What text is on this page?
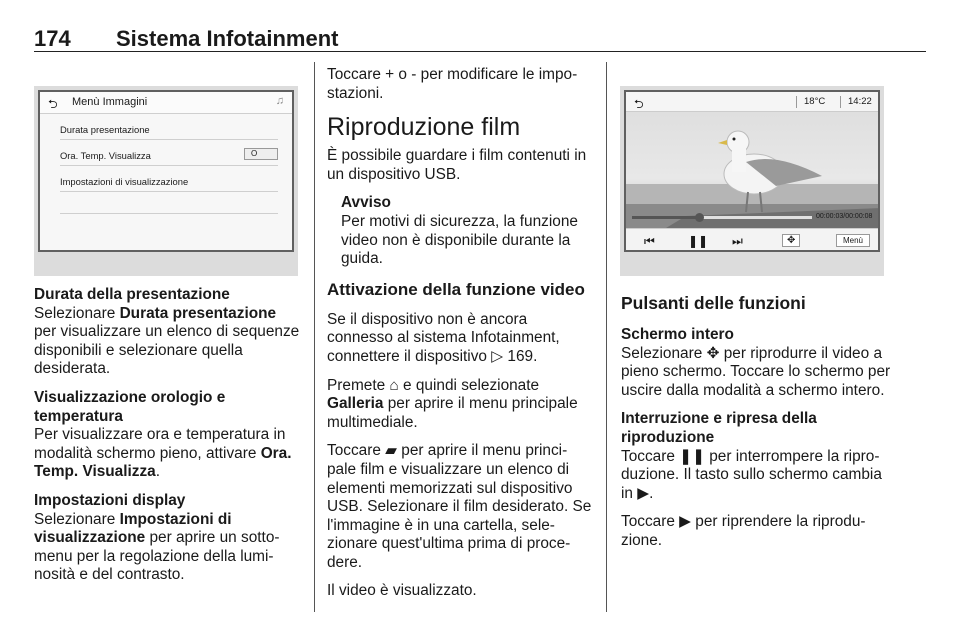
174 Sistema Infotainment
⮌ Menù Immagini	♫
Durata presentazione
Ora. Temp. Visualizza	O
Impostazioni di visualizzazione
⮌	18°C 14:22
00:00:03/00:00:08
⏮	❚❚ ⏭	✥	Menù

Durata della presentazione

Selezionare Durata presentazione per visualizzare un elenco di sequenze disponibili e selezionare quella desiderata.

Visualizzazione orologio e temperatura

Per visualizzare ora e temperatura in modalità schermo pieno, attivare Ora. Temp. Visualizza.

Impostazioni display

Selezionare Impostazioni di visualizzazione per aprire un sotto-menu per la regolazione della lumi-nosità e del contrasto.

Toccare + o - per modificare le impo-stazioni.

Riproduzione film

È possibile guardare i film contenuti in un dispositivo USB.

Avviso
Per motivi di sicurezza, la funzione video non è disponibile durante la guida.
Attivazione della funzione video

Se il dispositivo non è ancora connesso al sistema Infotainment, connettere il dispositivo ▷ 169.

Premete ⌂ e quindi selezionate Galleria per aprire il menu principale multimediale.

Toccare ▰ per aprire il menu princi-pale film e visualizzare un elenco di elementi memorizzati sul dispositivo USB. Selezionare il film desiderato. Se l'immagine è in una cartella, sele-zionare quest'ultima prima di proce-dere.

Il video è visualizzato.

Pulsanti delle funzioni

Schermo intero

Selezionare ✥ per riprodurre il video a pieno schermo. Toccare lo schermo per uscire dalla modalità a schermo intero.

Interruzione e ripresa della riproduzione

Toccare ❚❚ per interrompere la ripro-duzione. Il tasto sullo schermo cambia in ▶.

Toccare ▶ per riprendere la riprodu-zione.
